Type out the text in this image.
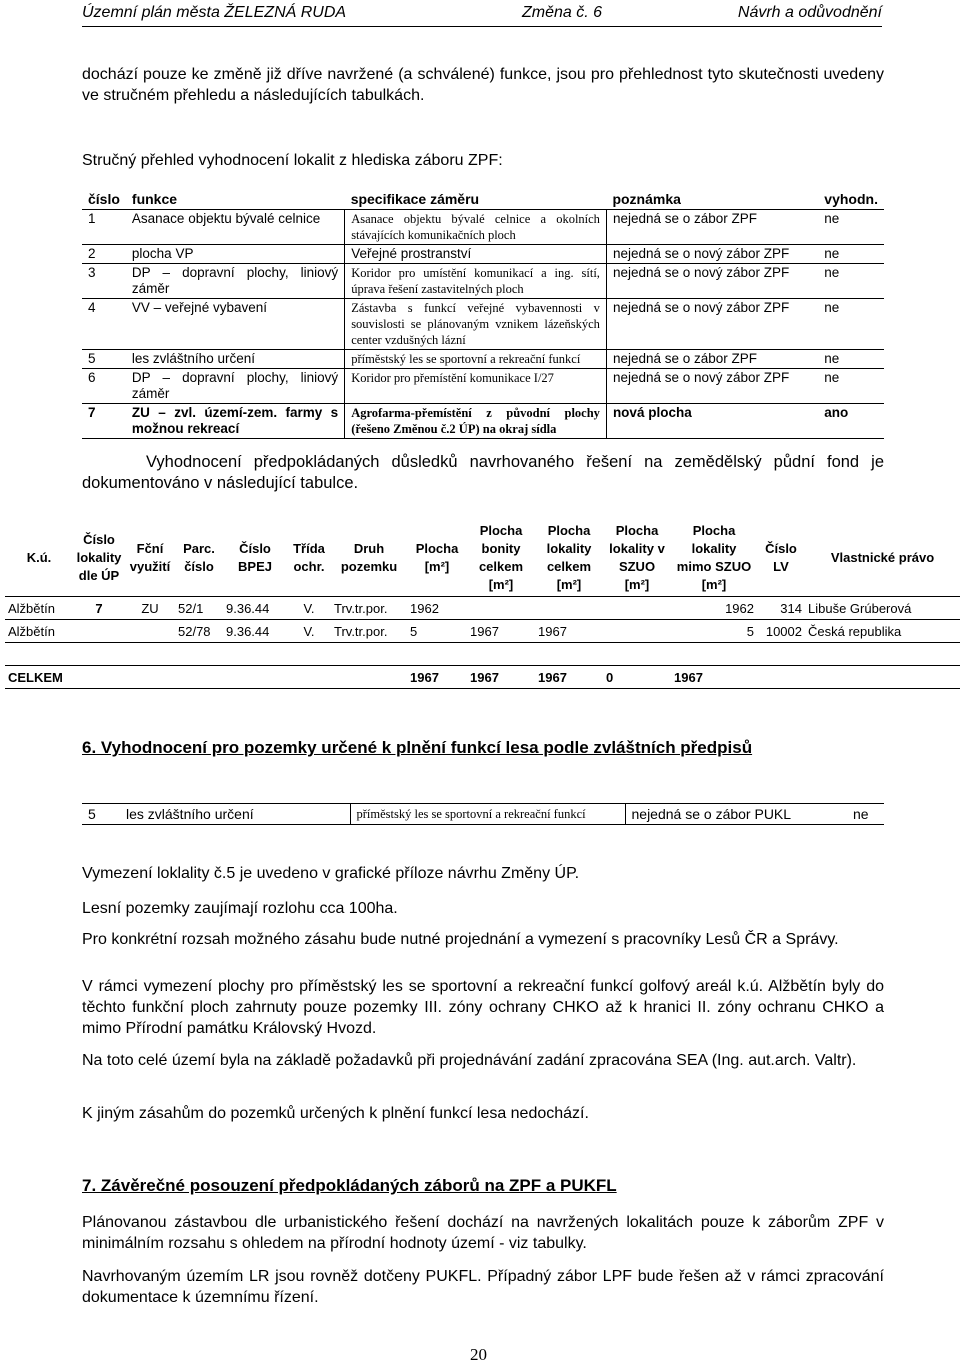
Územní plán města ŽELEZNÁ RUDA	Změna č. 6	Návrh a odůvodnění
dochází pouze ke změně již dříve navržené (a schválené) funkce, jsou pro přehlednost tyto skutečnosti uvedeny ve stručném přehledu a následujících tabulkách.
Stručný přehled vyhodnocení lokalit z hlediska záboru ZPF:
číslo	funkce	specifikace záměru	poznámka	vyhodn.
1	Asanace objektu bývalé celnice	Asanace objektu bývalé celnice a okolních stávajících komunikačních ploch	nejedná se o zábor ZPF	ne
2	plocha VP	Veřejné prostranství	nejedná se o nový zábor ZPF	ne
3	DP – dopravní plochy, liniový záměr	Koridor pro umístění komunikací a ing. sítí, úprava řešení zastavitelných ploch	nejedná se o nový zábor ZPF	ne
4	VV – veřejné vybavení	Zástavba s funkcí veřejné vybavennosti v souvislosti se plánovaným vznikem lázeňských center vzdušných lázní	nejedná se o nový zábor ZPF	ne
5	les zvláštního určení	příměstský les se sportovní a rekreační funkcí	nejedná se o zábor ZPF	ne
6	DP – dopravní plochy, liniový záměr	Koridor pro přemístění komunikace I/27	nejedná se o nový zábor ZPF	ne
7	ZU – zvl. území-zem. farmy s možnou rekreací	Agrofarma-přemístění z původní plochy (řešeno Změnou č.2 ÚP) na okraj sídla	nová plocha	ano
Vyhodnocení předpokládaných důsledků navrhovaného řešení na zemědělský půdní fond je dokumentováno v následující tabulce.
K.ú.	Číslo lokality dle ÚP	Fční využití	Parc. číslo	Číslo BPEJ	Třída ochr.	Druh pozemku	Plocha [m²]	Plocha bonity celkem [m²]	Plocha lokality celkem [m²]	Plocha lokality v SZUO [m²]	Plocha lokality mimo SZUO [m²]	Číslo LV	Vlastnické právo
Alžbětín	7	ZU	52/1	9.36.44	V.	Trv.tr.por.	1962				1962	314	Libuše Grúberová
Alžbětín			52/78	9.36.44	V.	Trv.tr.por.	5	1967	1967		5	10002	Česká republika

CELKEM							1967	1967	1967	0	1967		
6. Vyhodnocení pro pozemky určené k plnění funkcí lesa podle zvláštních předpisů
5	les zvláštního určení	příměstský les se sportovní a rekreační funkcí	nejedná se o zábor PUKL	ne
Vymezení loklality č.5 je uvedeno v grafické příloze návrhu Změny ÚP.
Lesní pozemky zaujímají rozlohu cca 100ha.
Pro konkrétní rozsah možného zásahu bude nutné projednání a vymezení s pracovníky Lesů ČR a Správy.
V rámci vymezení plochy pro příměstský les se sportovní a rekreační funkcí golfový areál k.ú. Alžbětín byly do těchto funkční ploch zahrnuty pouze pozemky III. zóny ochrany CHKO až k hranici II. zóny ochranu CHKO a mimo Přírodní památku Královský Hvozd.
Na toto celé území byla na základě požadavků při projednávání zadání zpracována SEA (Ing. aut.arch. Valtr).
K jiným zásahům do pozemků určených k plnění funkcí lesa nedochází.
7. Závěrečné posouzení předpokládaných záborů na ZPF a PUKFL
Plánovanou zástavbou dle urbanistického řešení dochází na navržených lokalitách pouze k záborům ZPF v minimálním rozsahu s ohledem na přírodní hodnoty území - viz tabulky.
Navrhovaným územím LR jsou rovněž dotčeny PUKFL. Případný zábor LPF bude řešen až v rámci zpracování dokumentace k územnímu řízení.
20
